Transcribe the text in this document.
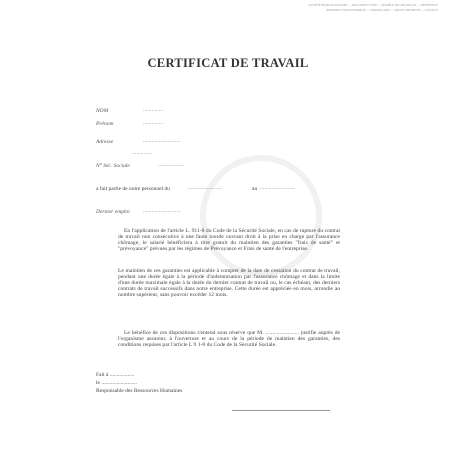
SOCIÉTÉ ÉDITION SUPPORT — DOCUMENT TYPE — MODÈLE DE CERTIFICAT — RÉFÉRENCE
REPRODUCTION INTERDITE — FORMULAIRE — DROITS RÉSERVÉS — LICENCE
CERTIFICAT DE TRAVAIL
NOM	..............
Prénom	..............
Adresse	..........................
..............
N° Séc. Sociale	..................
a fait partie de notre personnel du	........................	au ........................
Dernier emploi	..........................

En l'application de l'article L. 911-8 du Code de la Sécurité Sociale, en cas de rupture du contrat de travail non consécutive à une faute lourde ouvrant droit à la prise en charge par l'assurance chômage, le salarié bénéficiera à titre gratuit du maintien des garanties "frais de santé" et "prévoyance" prévues par les régimes de Prévoyance et Frais de santé de l'entreprise.

Le maintien de ces garanties est applicable à compter de la date de cessation du contrat de travail, pendant une durée égale à la période d'indemnisation par l'assurance chômage et dans la limite d'une durée maximale égale à la durée du dernier contrat de travail ou, le cas échéant, des derniers contrats de travail successifs dans notre entreprise. Cette durée est appréciée en mois, arrondie au nombre supérieur, sans pouvoir excéder 12 mois.

Le bénéfice de ces dispositions s'entend sous réserve que M. ........................ justifie auprès de l'organisme assureur, à l'ouverture et au cours de la période de maintien des garanties, des conditions requises par l'article L 9 1-8 du Code de la Sécurité Sociale.

Fait à ..................
le ..........................
Responsable des Ressources Humaines
